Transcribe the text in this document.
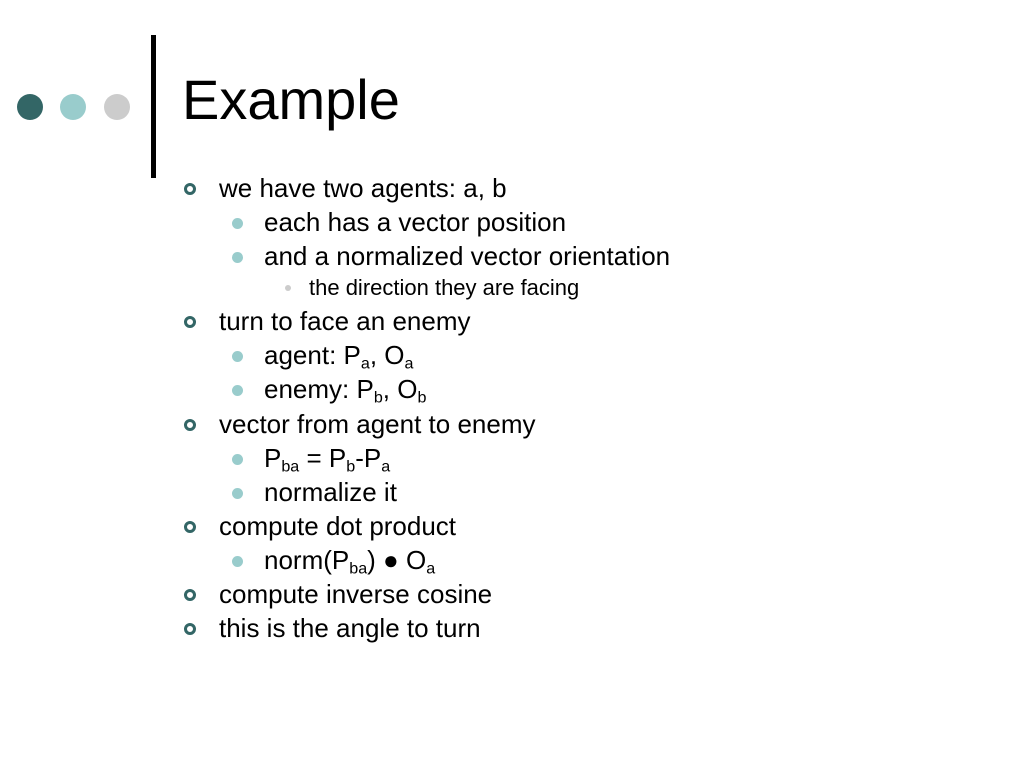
Example
we have two agents: a, b
each has a vector position
and a normalized vector orientation
the direction they are facing
turn to face an enemy
agent: $P_a$, $O_a$
enemy: $P_b$, $O_b$
vector from agent to enemy
$P_{ba} = P_b-P_a$
normalize it
compute dot product
$norm(P_{ba})$ ● $O_a$
compute inverse cosine
this is the angle to turn
